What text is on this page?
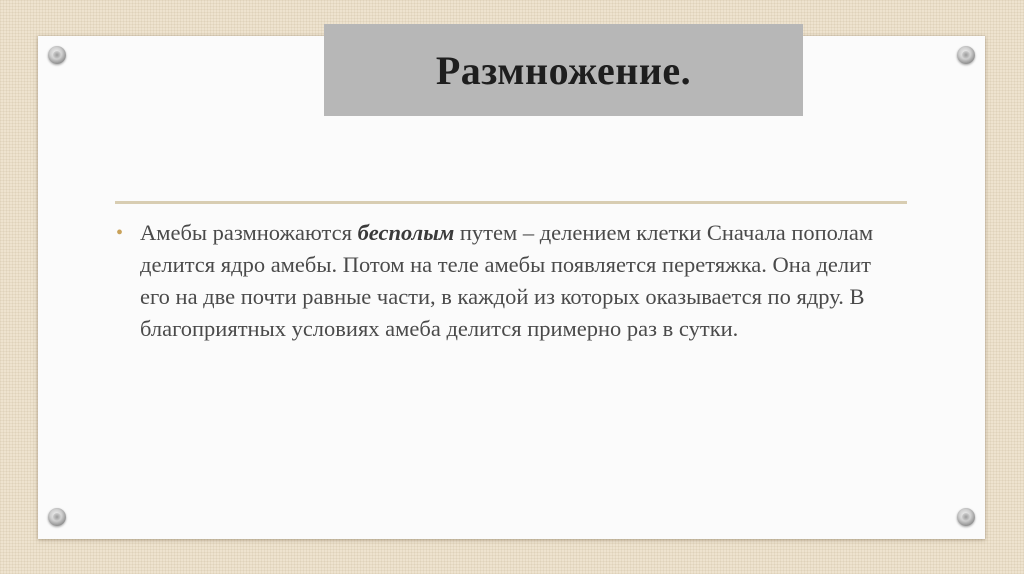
Размножение.
• Амебы размножаются бесполым путем – делением клетки Сначала пополам делится ядро амебы. Потом на теле амебы появляется перетяжка. Она делит его на две почти равные части, в каждой из которых оказывается по ядру. В благоприятных условиях амеба делится примерно раз в сутки.
